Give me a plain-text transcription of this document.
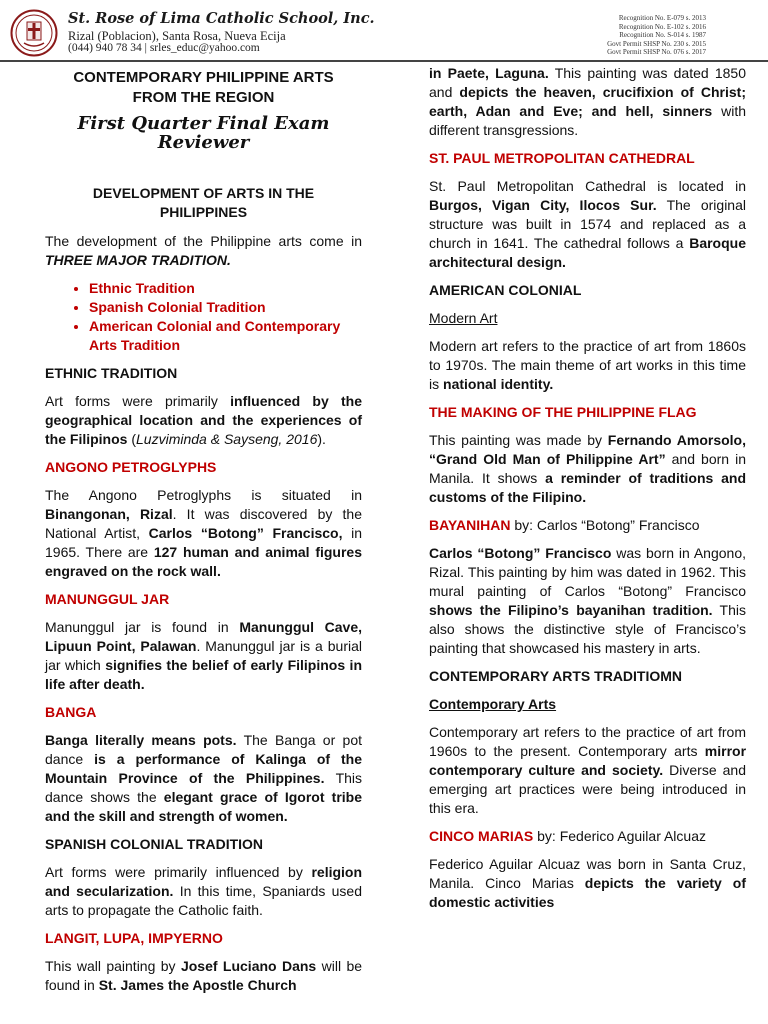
St. Rose of Lima Catholic School, Inc.
Rizal (Poblacion), Santa Rosa, Nueva Ecija
(044) 940 78 34 | srles_educ@yahoo.com
Recognition No. E-079 s. 2013
Recognition No. E-102 s. 2016
Recognition No. S-014 s. 1987
Govt Permit SHSP No. 230 s. 2015
Govt Permit SHSP No. 076 s. 2017
CONTEMPORARY PHILIPPINE ARTS
FROM THE REGION
First Quarter Final Exam Reviewer
DEVELOPMENT OF ARTS IN THE
PHILIPPINES

The development of the Philippine arts come in THREE MAJOR TRADITION.

• Ethnic Tradition
• Spanish Colonial Tradition
• American Colonial and Contemporary Arts Tradition
ETHNIC TRADITION

Art forms were primarily influenced by the geographical location and the experiences of the Filipinos (Luzviminda & Sayseng, 2016).

ANGONO PETROGLYPHS

The Angono Petroglyphs is situated in Binangonan, Rizal. It was discovered by the National Artist, Carlos “Botong” Francisco, in 1965. There are 127 human and animal figures engraved on the rock wall.

MANUNGGUL JAR

Manunggul jar is found in Manunggul Cave, Lipuun Point, Palawan. Manunggul jar is a burial jar which signifies the belief of early Filipinos in life after death.

BANGA

Banga literally means pots. The Banga or pot dance is a performance of Kalinga of the Mountain Province of the Philippines. This dance shows the elegant grace of Igorot tribe and the skill and strength of women.

SPANISH COLONIAL TRADITION

Art forms were primarily influenced by religion and secularization. In this time, Spaniards used arts to propagate the Catholic faith.

LANGIT, LUPA, IMPYERNO

This wall painting by Josef Luciano Dans will be found in St. James the Apostle Church

in Paete, Laguna. This painting was dated 1850 and depicts the heaven, crucifixion of Christ; earth, Adan and Eve; and hell, sinners with different transgressions.

ST. PAUL METROPOLITAN CATHEDRAL

St. Paul Metropolitan Cathedral is located in Burgos, Vigan City, Ilocos Sur. The original structure was built in 1574 and replaced as a church in 1641. The cathedral follows a Baroque architectural design.

AMERICAN COLONIAL

Modern Art

Modern art refers to the practice of art from 1860s to 1970s. The main theme of art works in this time is national identity.

THE MAKING OF THE PHILIPPINE FLAG

This painting was made by Fernando Amorsolo, “Grand Old Man of Philippine Art” and born in Manila. It shows a reminder of traditions and customs of the Filipino.

BAYANIHAN by: Carlos “Botong” Francisco

Carlos “Botong” Francisco was born in Angono, Rizal. This painting by him was dated in 1962. This mural painting of Carlos “Botong” Francisco shows the Filipino’s bayanihan tradition. This also shows the distinctive style of Francisco’s painting that showcased his mastery in arts.

CONTEMPORARY ARTS TRADITIOMN

Contemporary Arts

Contemporary art refers to the practice of art from 1960s to the present. Contemporary arts mirror contemporary culture and society. Diverse and emerging art practices were being introduced in this era.

CINCO MARIAS by: Federico Aguilar Alcuaz

Federico Aguilar Alcuaz was born in Santa Cruz, Manila. Cinco Marias depicts the variety of domestic activities
